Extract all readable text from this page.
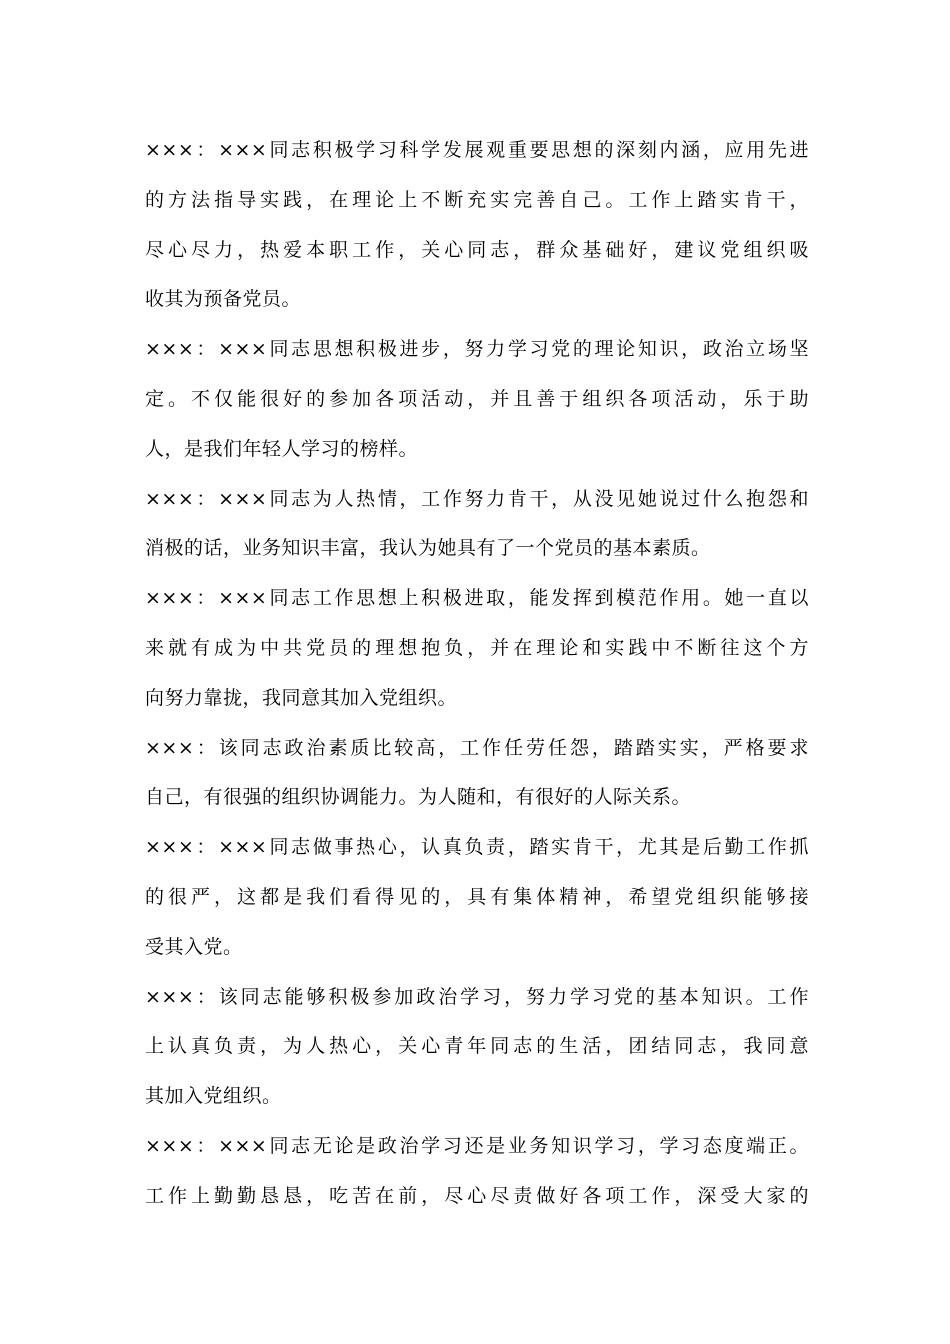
×××：×××同志积极学习科学发展观重要思想的深刻内涵，应用先进
的方法指导实践，在理论上不断充实完善自己。工作上踏实肯干，
尽心尽力，热爱本职工作，关心同志，群众基础好，建议党组织吸
收其为预备党员。
×××：×××同志思想积极进步，努力学习党的理论知识，政治立场坚
定。不仅能很好的参加各项活动，并且善于组织各项活动，乐于助
人，是我们年轻人学习的榜样。
×××：×××同志为人热情，工作努力肯干，从没见她说过什么抱怨和
消极的话，业务知识丰富，我认为她具有了一个党员的基本素质。
×××：×××同志工作思想上积极进取，能发挥到模范作用。她一直以
来就有成为中共党员的理想抱负，并在理论和实践中不断往这个方
向努力靠拢，我同意其加入党组织。
×××：该同志政治素质比较高，工作任劳任怨，踏踏实实，严格要求
自己，有很强的组织协调能力。为人随和，有很好的人际关系。
×××：×××同志做事热心，认真负责，踏实肯干，尤其是后勤工作抓
的很严，这都是我们看得见的，具有集体精神，希望党组织能够接
受其入党。
×××：该同志能够积极参加政治学习，努力学习党的基本知识。工作
上认真负责，为人热心，关心青年同志的生活，团结同志，我同意
其加入党组织。
×××：×××同志无论是政治学习还是业务知识学习，学习态度端正。
工作上勤勤恳恳，吃苦在前，尽心尽责做好各项工作，深受大家的
